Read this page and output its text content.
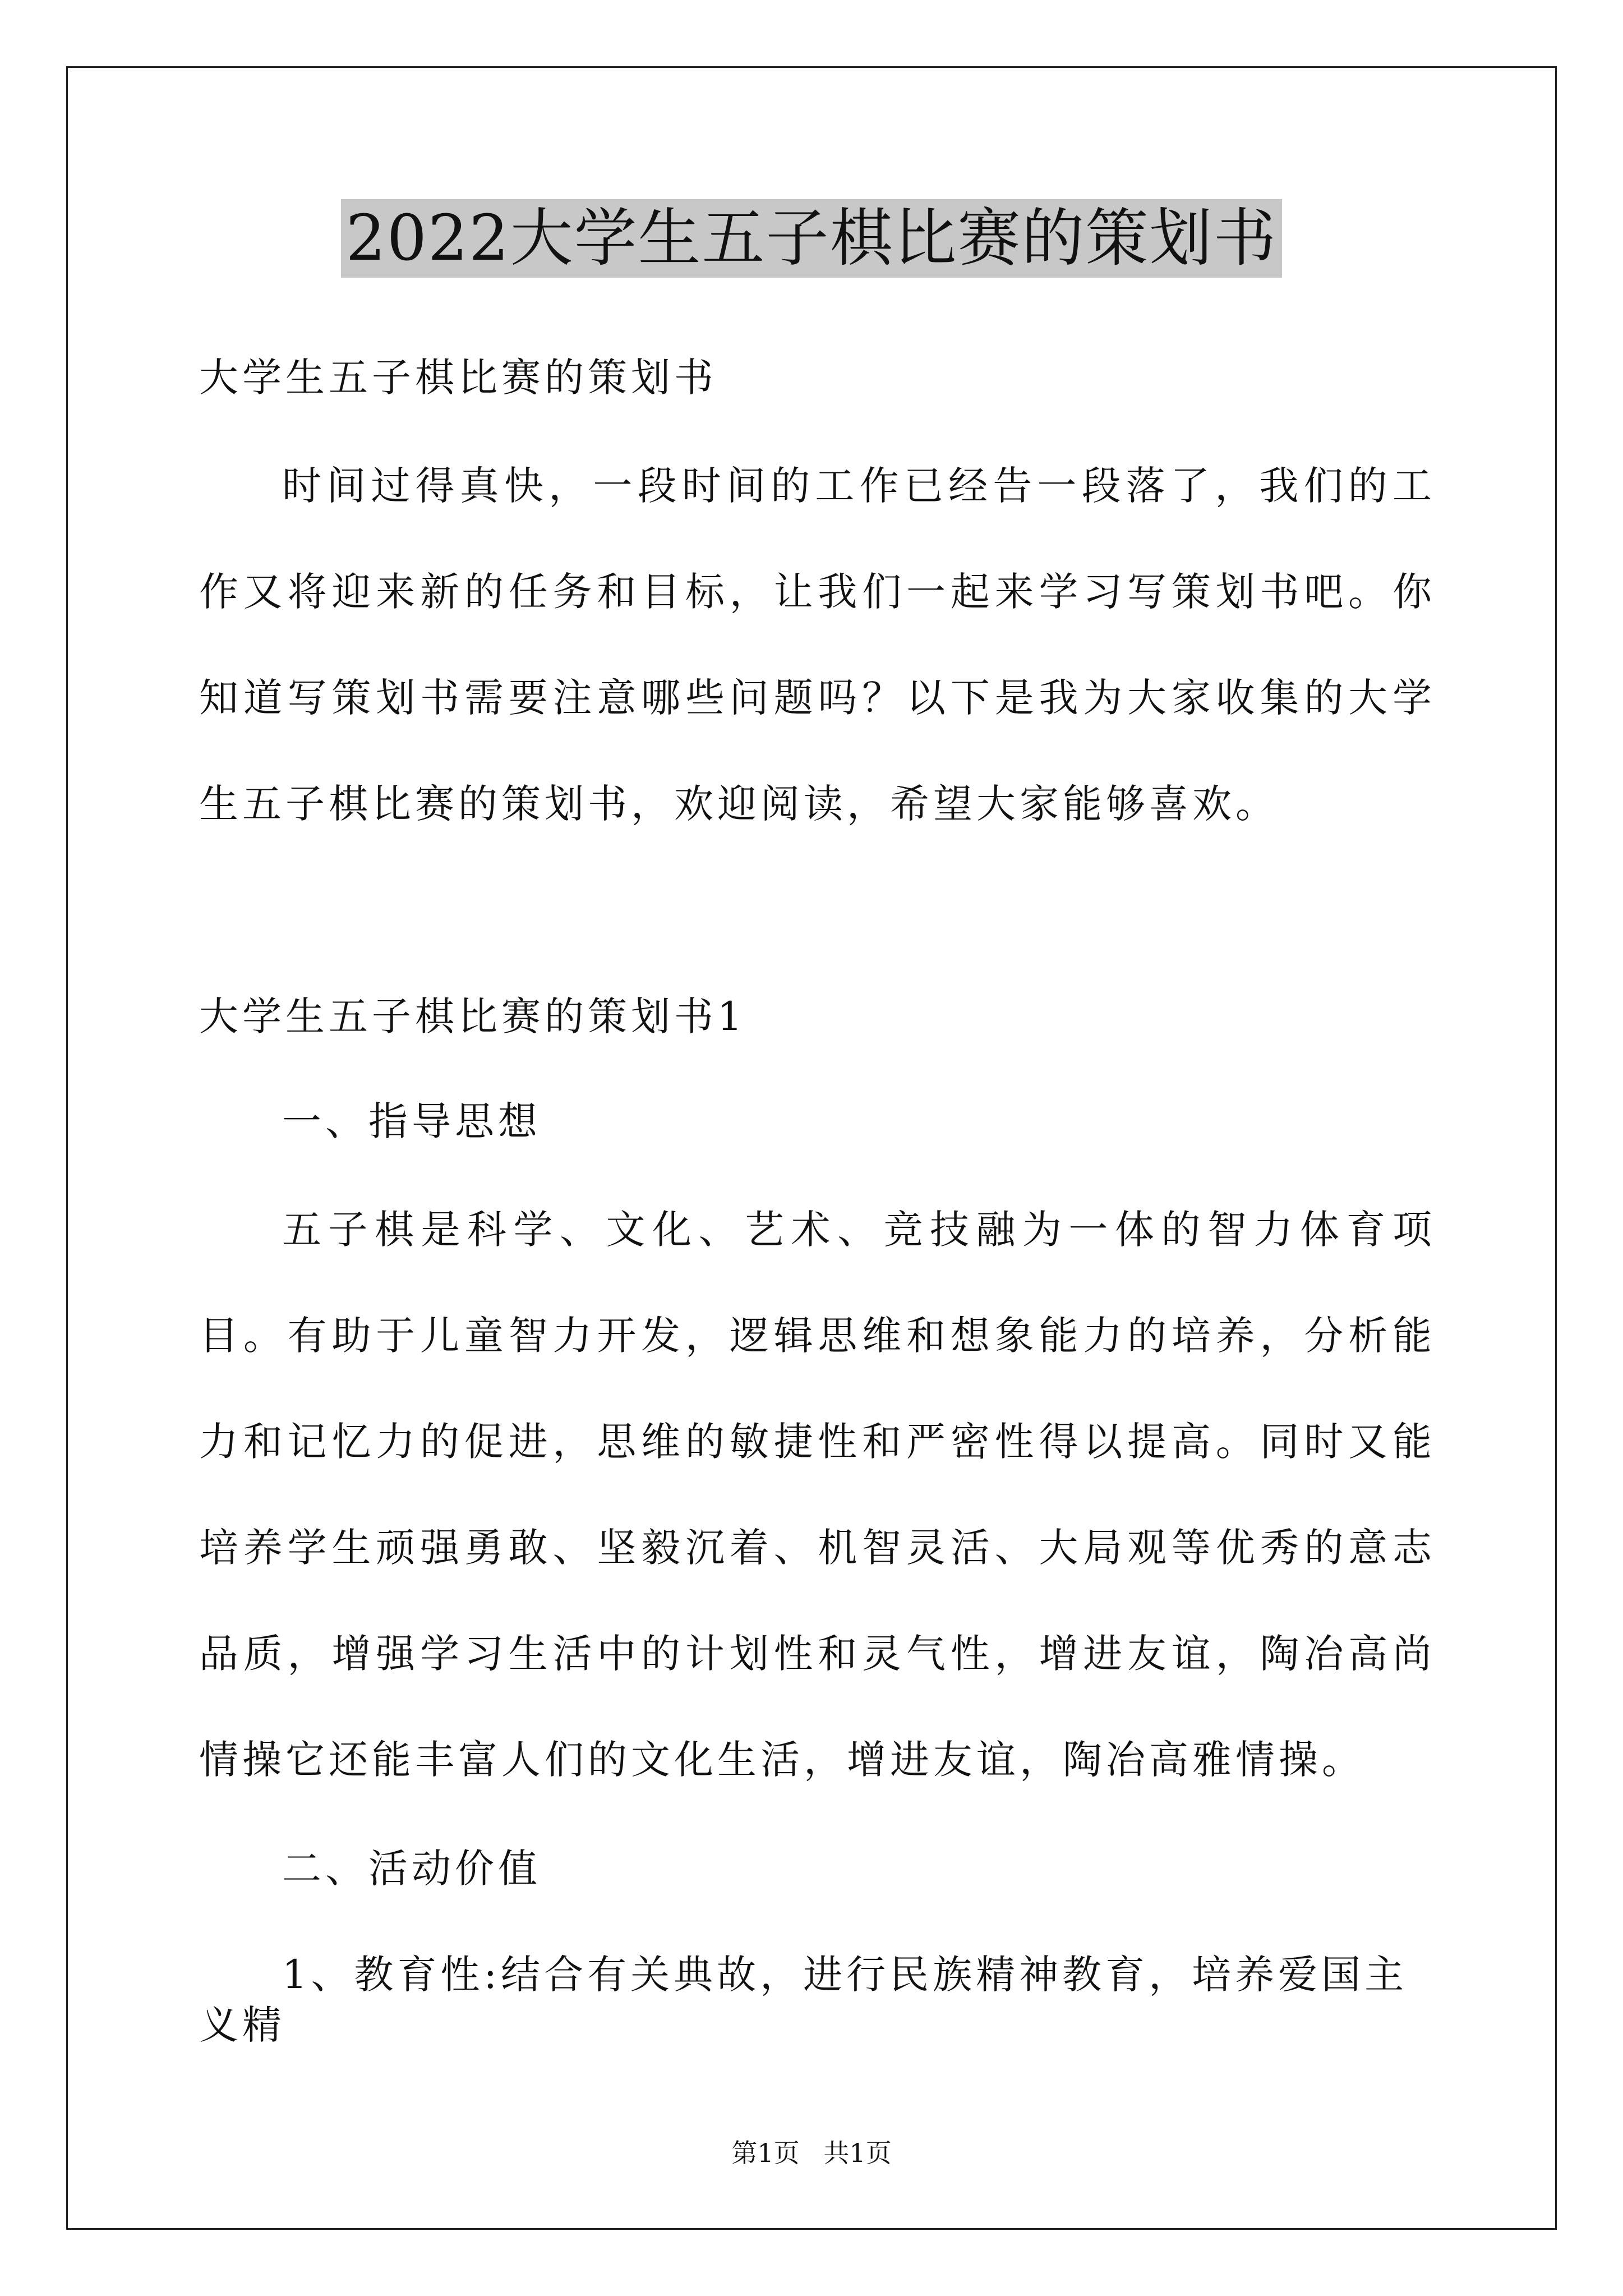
2022大学生五子棋比赛的策划书

大学生五子棋比赛的策划书

时间过得真快，一段时间的工作已经告一段落了，我们的工作又将迎来新的任务和目标，让我们一起来学习写策划书吧。你知道写策划书需要注意哪些问题吗？以下是我为大家收集的大学生五子棋比赛的策划书，欢迎阅读，希望大家能够喜欢。

大学生五子棋比赛的策划书1

一、指导思想

五子棋是科学、文化、艺术、竞技融为一体的智力体育项目。有助于儿童智力开发，逻辑思维和想象能力的培养，分析能力和记忆力的促进，思维的敏捷性和严密性得以提高。同时又能培养学生顽强勇敢、坚毅沉着、机智灵活、大局观等优秀的意志品质，增强学习生活中的计划性和灵气性，增进友谊，陶冶高尚情操它还能丰富人们的文化生活，增进友谊，陶冶高雅情操。

二、活动价值

1、教育性:结合有关典故，进行民族精神教育，培养爱国主义精

第1页 共1页
